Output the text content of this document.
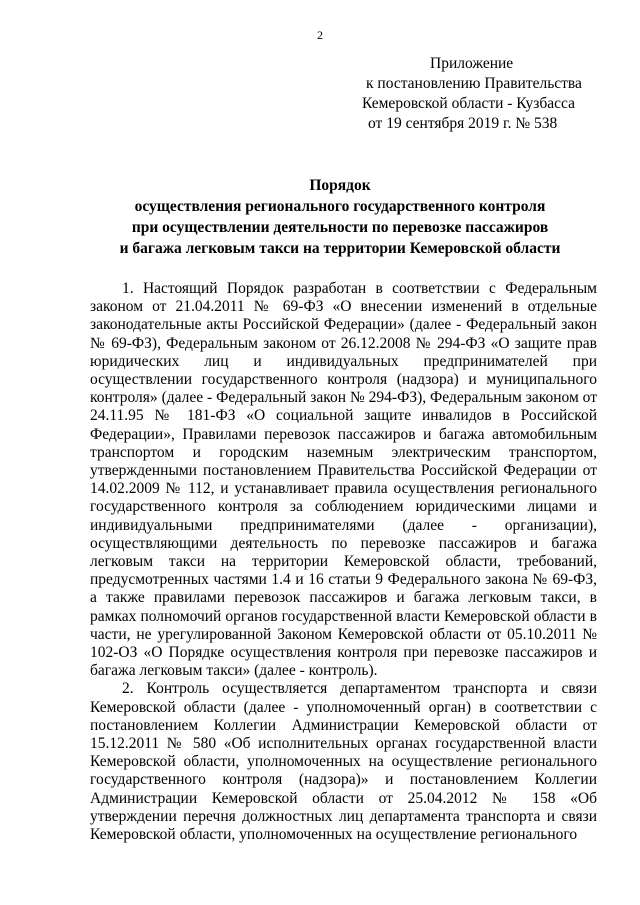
2
Приложение
к постановлению Правительства
Кемеровской области - Кузбасса
от 19 сентября 2019 г. № 538
Порядок
осуществления регионального государственного контроля
при осуществлении деятельности по перевозке пассажиров
и багажа легковым такси на территории Кемеровской области

1. Настоящий Порядок разработан в соответствии с Федеральным законом от 21.04.2011 № 69-ФЗ «О внесении изменений в отдельные законодательные акты Российской Федерации» (далее - Федеральный закон № 69-ФЗ), Федеральным законом от 26.12.2008 № 294-ФЗ «О защите прав юридических лиц и индивидуальных предпринимателей при осуществлении государственного контроля (надзора) и муниципального контроля» (далее - Федеральный закон № 294-ФЗ), Федеральным законом от 24.11.95 № 181-ФЗ «О социальной защите инвалидов в Российской Федерации», Правилами перевозок пассажиров и багажа автомобильным транспортом и городским наземным электрическим транспортом, утвержденными постановлением Правительства Российской Федерации от 14.02.2009 № 112, и устанавливает правила осуществления регионального государственного контроля за соблюдением юридическими лицами и индивидуальными предпринимателями (далее - организации), осуществляющими деятельность по перевозке пассажиров и багажа легковым такси на территории Кемеровской области, требований, предусмотренных частями 1.4 и 16 статьи 9 Федерального закона № 69-ФЗ, а также правилами перевозок пассажиров и багажа легковым такси, в рамках полномочий органов государственной власти Кемеровской области в части, не урегулированной Законом Кемеровской области от 05.10.2011 № 102-ОЗ «О Порядке осуществления контроля при перевозке пассажиров и багажа легковым такси» (далее - контроль).

2. Контроль осуществляется департаментом транспорта и связи Кемеровской области (далее - уполномоченный орган) в соответствии с постановлением Коллегии Администрации Кемеровской области от 15.12.2011 № 580 «Об исполнительных органах государственной власти Кемеровской области, уполномоченных на осуществление регионального государственного контроля (надзора)» и постановлением Коллегии Администрации Кемеровской области от 25.04.2012 № 158 «Об утверждении перечня должностных лиц департамента транспорта и связи Кемеровской области, уполномоченных на осуществление регионального
